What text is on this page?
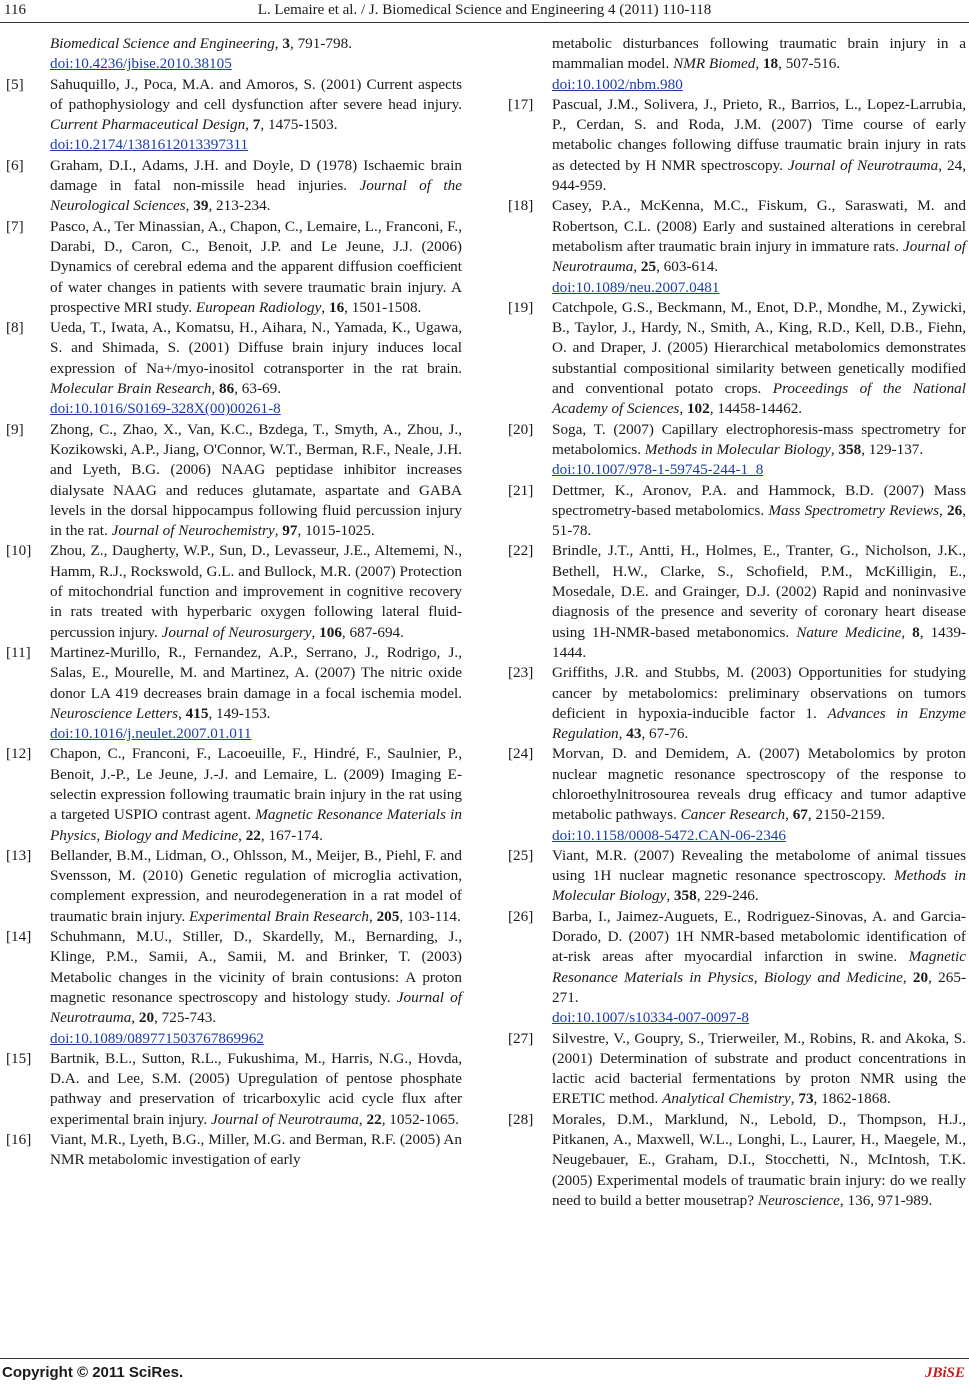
116	L. Lemaire et al. / J. Biomedical Science and Engineering 4 (2011) 110-118
Biomedical Science and Engineering, 3, 791-798.
doi:10.4236/jbise.2010.38105
[5]	Sahuquillo, J., Poca, M.A. and Amoros, S. (2001) Current aspects of pathophysiology and cell dysfunction after severe head injury. Current Pharmaceutical Design, 7, 1475-1503.
doi:10.2174/1381612013397311
[6]	Graham, D.I., Adams, J.H. and Doyle, D (1978) Ischaemic brain damage in fatal non-missile head injuries. Journal of the Neurological Sciences, 39, 213-234.
[7]	Pasco, A., Ter Minassian, A., Chapon, C., Lemaire, L., Franconi, F., Darabi, D., Caron, C., Benoit, J.P. and Le Jeune, J.J. (2006) Dynamics of cerebral edema and the apparent diffusion coefficient of water changes in patients with severe traumatic brain injury. A prospective MRI study. European Radiology, 16, 1501-1508.
[8]	Ueda, T., Iwata, A., Komatsu, H., Aihara, N., Yamada, K., Ugawa, S. and Shimada, S. (2001) Diffuse brain injury induces local expression of Na+/myo-inositol cotransporter in the rat brain. Molecular Brain Research, 86, 63-69.
doi:10.1016/S0169-328X(00)00261-8
[9]	Zhong, C., Zhao, X., Van, K.C., Bzdega, T., Smyth, A., Zhou, J., Kozikowski, A.P., Jiang, O'Connor, W.T., Berman, R.F., Neale, J.H. and Lyeth, B.G. (2006) NAAG peptidase inhibitor increases dialysate NAAG and reduces glutamate, aspartate and GABA levels in the dorsal hippocampus following fluid percussion injury in the rat. Journal of Neurochemistry, 97, 1015-1025.
[10]	Zhou, Z., Daugherty, W.P., Sun, D., Levasseur, J.E., Altememi, N., Hamm, R.J., Rockswold, G.L. and Bullock, M.R. (2007) Protection of mitochondrial function and improvement in cognitive recovery in rats treated with hyperbaric oxygen following lateral fluid-percussion injury. Journal of Neurosurgery, 106, 687-694.
[11]	Martinez-Murillo, R., Fernandez, A.P., Serrano, J., Rodrigo, J., Salas, E., Mourelle, M. and Martinez, A. (2007) The nitric oxide donor LA 419 decreases brain damage in a focal ischemia model. Neuroscience Letters, 415, 149-153.
doi:10.1016/j.neulet.2007.01.011
[12]	Chapon, C., Franconi, F., Lacoeuille, F., Hindré, F., Saulnier, P., Benoit, J.-P., Le Jeune, J.-J. and Lemaire, L. (2009) Imaging E-selectin expression following traumatic brain injury in the rat using a targeted USPIO contrast agent. Magnetic Resonance Materials in Physics, Biology and Medicine, 22, 167-174.
[13]	Bellander, B.M., Lidman, O., Ohlsson, M., Meijer, B., Piehl, F. and Svensson, M. (2010) Genetic regulation of microglia activation, complement expression, and neurodegeneration in a rat model of traumatic brain injury. Experimental Brain Research, 205, 103-114.
[14]	Schuhmann, M.U., Stiller, D., Skardelly, M., Bernarding, J., Klinge, P.M., Samii, A., Samii, M. and Brinker, T. (2003) Metabolic changes in the vicinity of brain contusions: A proton magnetic resonance spectroscopy and histology study. Journal of Neurotrauma, 20, 725-743.
doi:10.1089/089771503767869962
[15]	Bartnik, B.L., Sutton, R.L., Fukushima, M., Harris, N.G., Hovda, D.A. and Lee, S.M. (2005) Upregulation of pentose phosphate pathway and preservation of tricarboxylic acid cycle flux after experimental brain injury. Journal of Neurotrauma, 22, 1052-1065.
[16]	Viant, M.R., Lyeth, B.G., Miller, M.G. and Berman, R.F. (2005) An NMR metabolomic investigation of early
metabolic disturbances following traumatic brain injury in a mammalian model. NMR Biomed, 18, 507-516.
doi:10.1002/nbm.980
[17]	Pascual, J.M., Solivera, J., Prieto, R., Barrios, L., Lopez-Larrubia, P., Cerdan, S. and Roda, J.M. (2007) Time course of early metabolic changes following diffuse traumatic brain injury in rats as detected by H NMR spectroscopy. Journal of Neurotrauma, 24, 944-959.
[18]	Casey, P.A., McKenna, M.C., Fiskum, G., Saraswati, M. and Robertson, C.L. (2008) Early and sustained alterations in cerebral metabolism after traumatic brain injury in immature rats. Journal of Neurotrauma, 25, 603-614.
doi:10.1089/neu.2007.0481
[19]	Catchpole, G.S., Beckmann, M., Enot, D.P., Mondhe, M., Zywicki, B., Taylor, J., Hardy, N., Smith, A., King, R.D., Kell, D.B., Fiehn, O. and Draper, J. (2005) Hierarchical metabolomics demonstrates substantial compositional similarity between genetically modified and conventional potato crops. Proceedings of the National Academy of Sciences, 102, 14458-14462.
[20]	Soga, T. (2007) Capillary electrophoresis-mass spectrometry for metabolomics. Methods in Molecular Biology, 358, 129-137.
doi:10.1007/978-1-59745-244-1_8
[21]	Dettmer, K., Aronov, P.A. and Hammock, B.D. (2007) Mass spectrometry-based metabolomics. Mass Spectrometry Reviews, 26, 51-78.
[22]	Brindle, J.T., Antti, H., Holmes, E., Tranter, G., Nicholson, J.K., Bethell, H.W., Clarke, S., Schofield, P.M., McKilligin, E., Mosedale, D.E. and Grainger, D.J. (2002) Rapid and noninvasive diagnosis of the presence and severity of coronary heart disease using 1H-NMR-based metabonomics. Nature Medicine, 8, 1439-1444.
[23]	Griffiths, J.R. and Stubbs, M. (2003) Opportunities for studying cancer by metabolomics: preliminary observations on tumors deficient in hypoxia-inducible factor 1. Advances in Enzyme Regulation, 43, 67-76.
[24]	Morvan, D. and Demidem, A. (2007) Metabolomics by proton nuclear magnetic resonance spectroscopy of the response to chloroethylnitrosourea reveals drug efficacy and tumor adaptive metabolic pathways. Cancer Research, 67, 2150-2159.
doi:10.1158/0008-5472.CAN-06-2346
[25]	Viant, M.R. (2007) Revealing the metabolome of animal tissues using 1H nuclear magnetic resonance spectroscopy. Methods in Molecular Biology, 358, 229-246.
[26]	Barba, I., Jaimez-Auguets, E., Rodriguez-Sinovas, A. and Garcia-Dorado, D. (2007) 1H NMR-based metabolomic identification of at-risk areas after myocardial infarction in swine. Magnetic Resonance Materials in Physics, Biology and Medicine, 20, 265-271.
doi:10.1007/s10334-007-0097-8
[27]	Silvestre, V., Goupry, S., Trierweiler, M., Robins, R. and Akoka, S. (2001) Determination of substrate and product concentrations in lactic acid bacterial fermentations by proton NMR using the ERETIC method. Analytical Chemistry, 73, 1862-1868.
[28]	Morales, D.M., Marklund, N., Lebold, D., Thompson, H.J., Pitkanen, A., Maxwell, W.L., Longhi, L., Laurer, H., Maegele, M., Neugebauer, E., Graham, D.I., Stocchetti, N., McIntosh, T.K. (2005) Experimental models of traumatic brain injury: do we really need to build a better mousetrap? Neuroscience, 136, 971-989.
Copyright © 2011 SciRes.	JBiSE
